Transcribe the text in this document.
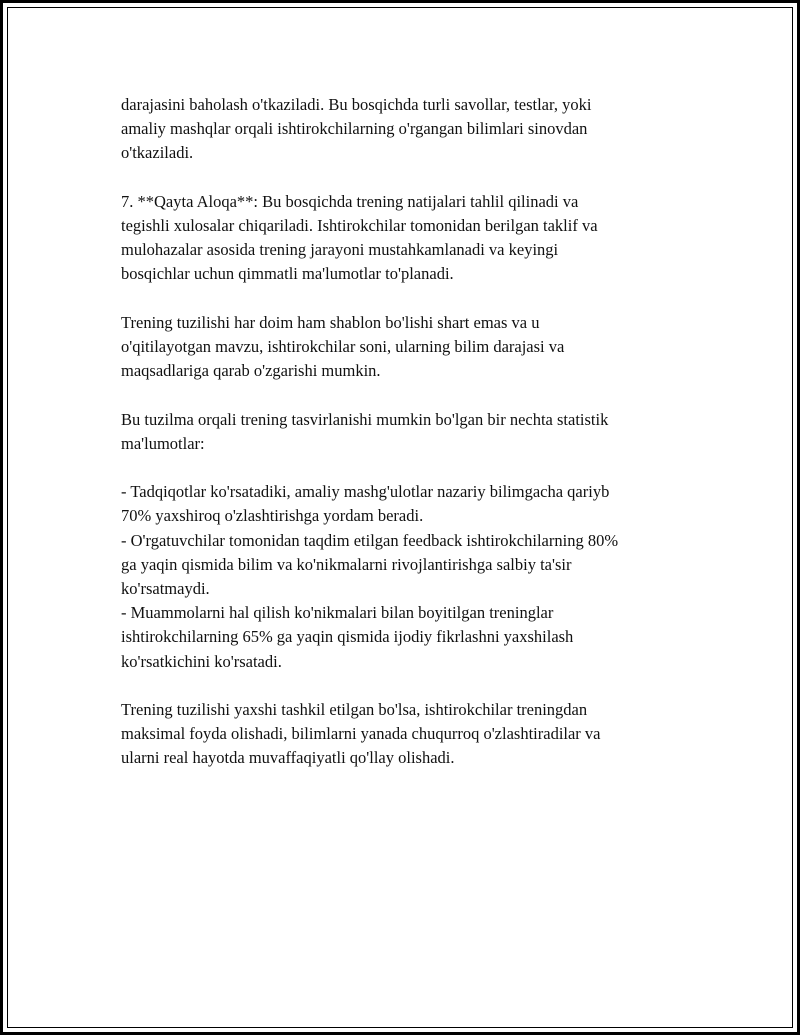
darajasini baholash o'tkaziladi. Bu bosqichda turli savollar, testlar, yoki
amaliy mashqlar orqali ishtirokchilarning o'rgangan bilimlari sinovdan
o'tkaziladi.

7. **Qayta Aloqa**: Bu bosqichda trening natijalari tahlil qilinadi va
tegishli xulosalar chiqariladi. Ishtirokchilar tomonidan berilgan taklif va
mulohazalar asosida trening jarayoni mustahkamlanadi va keyingi
bosqichlar uchun qimmatli ma'lumotlar to'planadi.

Trening tuzilishi har doim ham shablon bo'lishi shart emas va u
o'qitilayotgan mavzu, ishtirokchilar soni, ularning bilim darajasi va
maqsadlariga qarab o'zgarishi mumkin.

Bu tuzilma orqali trening tasvirlanishi mumkin bo'lgan bir nechta statistik
ma'lumotlar:

- Tadqiqotlar ko'rsatadiki, amaliy mashg'ulotlar nazariy bilimgacha qariyb
70% yaxshiroq o'zlashtirishga yordam beradi.

- O'rgatuvchilar tomonidan taqdim etilgan feedback ishtirokchilarning 80%
ga yaqin qismida bilim va ko'nikmalarni rivojlantirishga salbiy ta'sir
ko'rsatmaydi.

- Muammolarni hal qilish ko'nikmalari bilan boyitilgan treninglar
ishtirokchilarning 65% ga yaqin qismida ijodiy fikrlashni yaxshilash
ko'rsatkichini ko'rsatadi.

Trening tuzilishi yaxshi tashkil etilgan bo'lsa, ishtirokchilar treningdan
maksimal foyda olishadi, bilimlarni yanada chuqurroq o'zlashtiradilar va
ularni real hayotda muvaffaqiyatli qo'llay olishadi.
